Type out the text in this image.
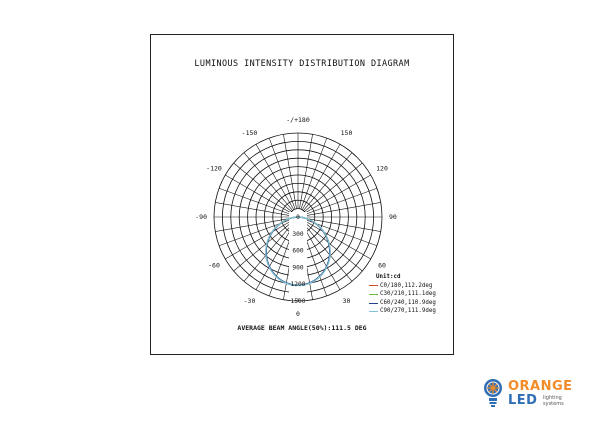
LUMINOUS INTENSITY DISTRIBUTION DIAGRAM
0
300
600
900
1200
1500
-/+180
-150	150
-120	120
-90	90
-60	60
-30	30
0
Unit:cd
C0/180,112.2deg
C30/210,111.1deg
C60/240,110.9deg
C90/270,111.9deg
AVERAGE BEAM ANGLE(50%):111.5 DEG
ORANGE
LED lighting
systems
